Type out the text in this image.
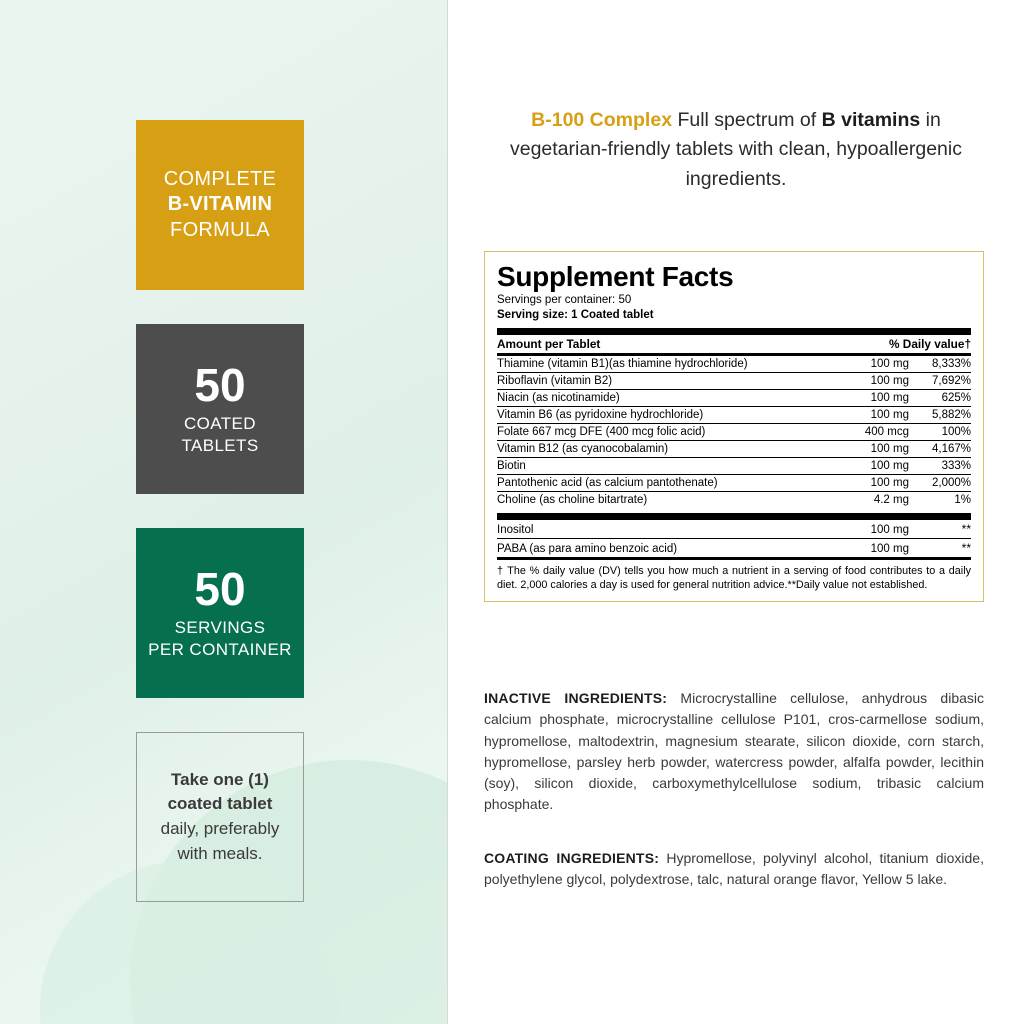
COMPLETE
B-VITAMIN
FORMULA
50
COATED
TABLETS
50
SERVINGS
PER CONTAINER
Take one (1)
coated tablet
daily, preferably
with meals.
B-100 Complex Full spectrum of B vitamins in vegetarian-friendly tablets with clean, hypoallergenic ingredients.
Supplement Facts
Servings per container: 50
Serving size: 1 Coated tablet
Amount per Tablet	% Daily value†
Thiamine (vitamin B1)(as thiamine hydrochloride)	100 mg	8,333%
Riboflavin (vitamin B2)	100 mg	7,692%
Niacin (as nicotinamide)	100 mg	625%
Vitamin B6 (as pyridoxine hydrochloride)	100 mg	5,882%
Folate 667 mcg DFE (400 mcg folic acid)	400 mcg	100%
Vitamin B12 (as cyanocobalamin)	100 mg	4,167%
Biotin	100 mg	333%
Pantothenic acid (as calcium pantothenate)	100 mg	2,000%
Choline (as choline bitartrate)	4.2 mg	1%
Inositol	100 mg	**
PABA (as para amino benzoic acid)	100 mg	**
† The % daily value (DV) tells you how much a nutrient in a serving of food contributes to a daily diet. 2,000 calories a day is used for general nutrition advice.**Daily value not established.
INACTIVE INGREDIENTS: Microcrystalline cellulose, anhydrous dibasic calcium phosphate, microcrystalline cellulose P101, cros-carmellose sodium, hypromellose, maltodextrin, magnesium stearate, silicon dioxide, corn starch, hypromellose, parsley herb powder, watercress powder, alfalfa powder, lecithin (soy), silicon dioxide, carboxymethylcellulose sodium, tribasic calcium phosphate.
COATING INGREDIENTS: Hypromellose, polyvinyl alcohol, titanium dioxide, polyethylene glycol, polydextrose, talc, natural orange flavor, Yellow 5 lake.
